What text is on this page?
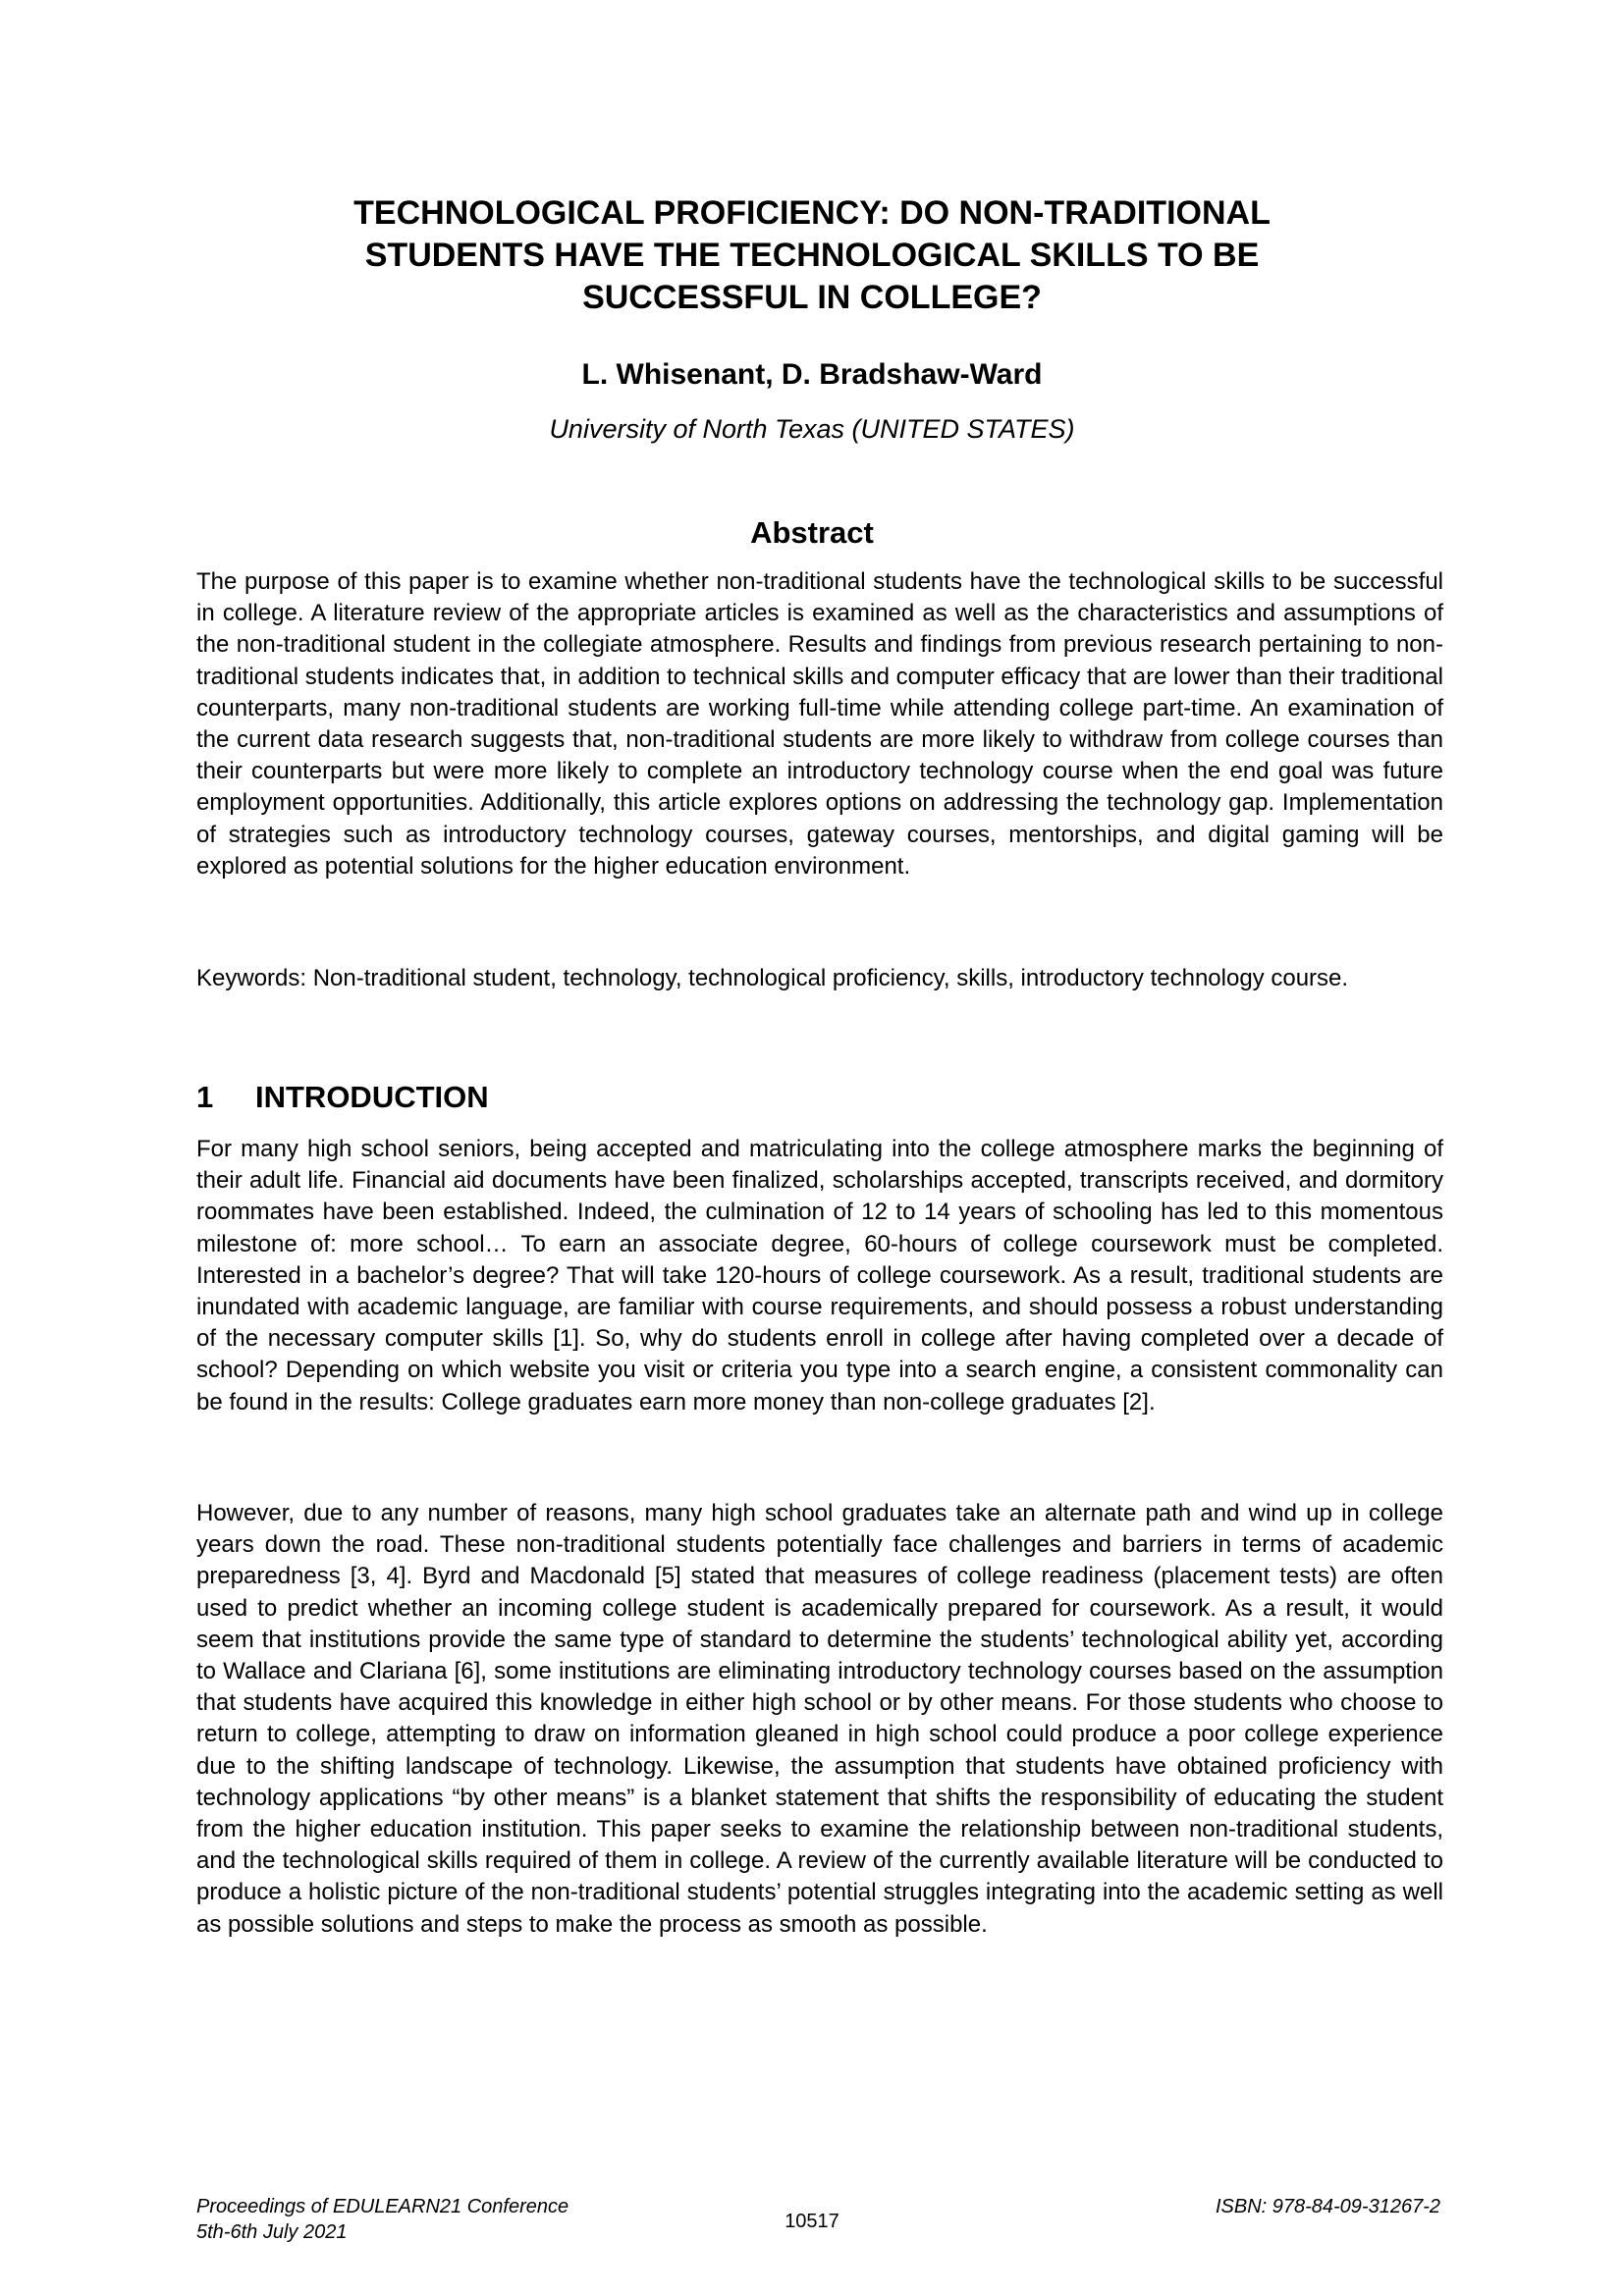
TECHNOLOGICAL PROFICIENCY: DO NON-TRADITIONAL
STUDENTS HAVE THE TECHNOLOGICAL SKILLS TO BE
SUCCESSFUL IN COLLEGE?

L. Whisenant, D. Bradshaw-Ward

University of North Texas (UNITED STATES)

Abstract

The purpose of this paper is to examine whether non-traditional students have the technological skills to be successful in college. A literature review of the appropriate articles is examined as well as the characteristics and assumptions of the non-traditional student in the collegiate atmosphere. Results and findings from previous research pertaining to non-traditional students indicates that, in addition to technical skills and computer efficacy that are lower than their traditional counterparts, many non-traditional students are working full-time while attending college part-time. An examination of the current data research suggests that, non-traditional students are more likely to withdraw from college courses than their counterparts but were more likely to complete an introductory technology course when the end goal was future employment opportunities. Additionally, this article explores options on addressing the technology gap. Implementation of strategies such as introductory technology courses, gateway courses, mentorships, and digital gaming will be explored as potential solutions for the higher education environment.

Keywords: Non-traditional student, technology, technological proficiency, skills, introductory technology course.

1 INTRODUCTION

For many high school seniors, being accepted and matriculating into the college atmosphere marks the beginning of their adult life. Financial aid documents have been finalized, scholarships accepted, transcripts received, and dormitory roommates have been established. Indeed, the culmination of 12 to 14 years of schooling has led to this momentous milestone of: more school… To earn an associate degree, 60-hours of college coursework must be completed. Interested in a bachelor’s degree? That will take 120-hours of college coursework. As a result, traditional students are inundated with academic language, are familiar with course requirements, and should possess a robust understanding of the necessary computer skills [1]. So, why do students enroll in college after having completed over a decade of school? Depending on which website you visit or criteria you type into a search engine, a consistent commonality can be found in the results: College graduates earn more money than non-college graduates [2].

However, due to any number of reasons, many high school graduates take an alternate path and wind up in college years down the road. These non-traditional students potentially face challenges and barriers in terms of academic preparedness [3, 4]. Byrd and Macdonald [5] stated that measures of college readiness (placement tests) are often used to predict whether an incoming college student is academically prepared for coursework. As a result, it would seem that institutions provide the same type of standard to determine the students’ technological ability yet, according to Wallace and Clariana [6], some institutions are eliminating introductory technology courses based on the assumption that students have acquired this knowledge in either high school or by other means. For those students who choose to return to college, attempting to draw on information gleaned in high school could produce a poor college experience due to the shifting landscape of technology. Likewise, the assumption that students have obtained proficiency with technology applications “by other means” is a blanket statement that shifts the responsibility of educating the student from the higher education institution. This paper seeks to examine the relationship between non-traditional students, and the technological skills required of them in college. A review of the currently available literature will be conducted to produce a holistic picture of the non-traditional students’ potential struggles integrating into the academic setting as well as possible solutions and steps to make the process as smooth as possible.

Proceedings of EDULEARN21 Conference
5th-6th July 2021	10517
ISBN: 978-84-09-31267-2
